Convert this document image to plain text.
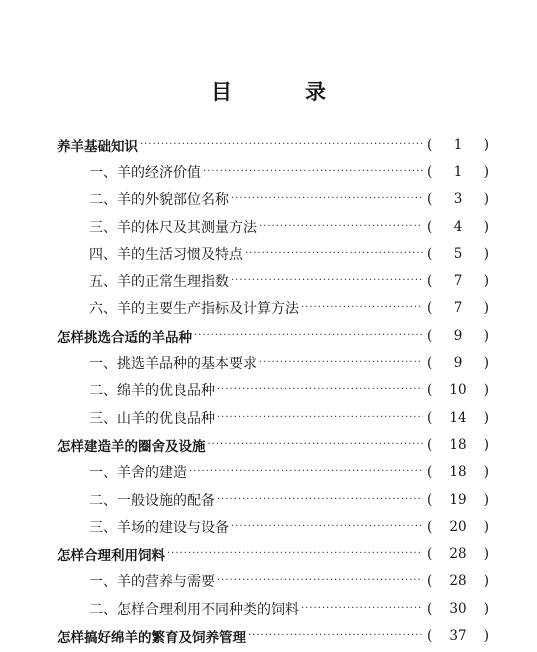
目　录
养羊基础知识 ·····	(	1	)
一、羊的经济价值 ·····	(	1	)
二、羊的外貌部位名称 ·····	(	3	)
三、羊的体尺及其测量方法 ·····	(	4	)
四、羊的生活习惯及特点 ·····	(	5	)
五、羊的正常生理指数 ·····	(	7	)
六、羊的主要生产指标及计算方法 ·····	(	7	)
怎样挑选合适的羊品种 ·····	(	9	)
一、挑选羊品种的基本要求 ·····	(	9	)
二、绵羊的优良品种 ·····	(	10	)
三、山羊的优良品种 ·····	(	14	)
怎样建造羊的圈舍及设施 ·····	(	18	)
一、羊舍的建造 ·····	(	18	)
二、一般设施的配备 ·····	(	19	)
三、羊场的建设与设备 ·····	(	20	)
怎样合理利用饲料 ·····	(	28	)
一、羊的营养与需要 ·····	(	28	)
二、怎样合理利用不同种类的饲料 ·····	(	30	)
怎样搞好绵羊的繁育及饲养管理 ·····	(	37	)
